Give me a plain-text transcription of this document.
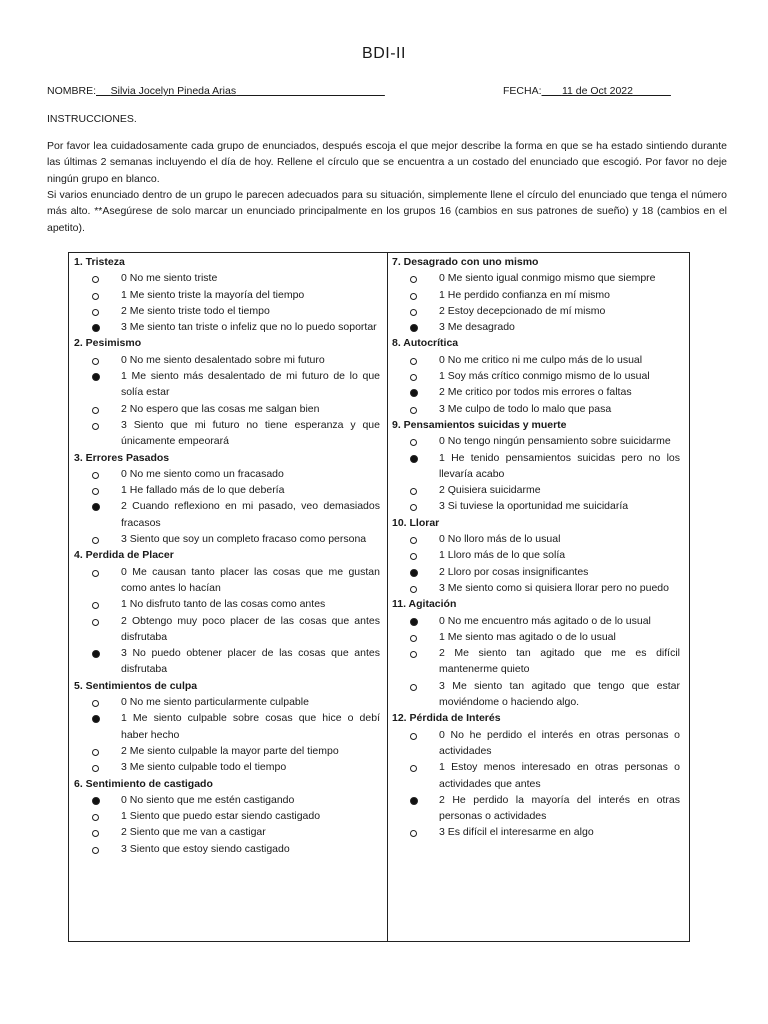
BDI-II
NOMBRE: Silvia Jocelyn Pineda Arias	FECHA: 11 de Oct 2022
INSTRUCCIONES.
Por favor lea cuidadosamente cada grupo de enunciados, después escoja el que mejor describe la forma en que se ha estado sintiendo durante las últimas 2 semanas incluyendo el día de hoy. Rellene el círculo que se encuentra a un costado del enunciado que escogió. Por favor no deje ningún grupo en blanco.
Si varios enunciado dentro de un grupo le parecen adecuados para su situación, simplemente llene el círculo del enunciado que tenga el número más alto. **Asegúrese de solo marcar un enunciado principalmente en los grupos 16 (cambios en sus patrones de sueño) y 18 (cambios en el apetito).
1. Tristeza
0 No me siento triste
1 Me siento triste la mayoría del tiempo
2 Me siento triste todo el tiempo
3 Me siento tan triste o infeliz que no lo puedo soportar
2. Pesimismo
0 No me siento desalentado sobre mi futuro
1 Me siento más desalentado de mi futuro de lo que solía estar
2 No espero que las cosas me salgan bien
3 Siento que mi futuro no tiene esperanza y que únicamente empeorará
3. Errores Pasados
0 No me siento como un fracasado
1 He fallado más de lo que debería
2 Cuando reflexiono en mi pasado, veo demasiados fracasos
3 Siento que soy un completo fracaso como persona
4. Perdida de Placer
0 Me causan tanto placer las cosas que me gustan como antes lo hacían
1 No disfruto tanto de las cosas como antes
2 Obtengo muy poco placer de las cosas que antes disfrutaba
3 No puedo obtener placer de las cosas que antes disfrutaba
5. Sentimientos de culpa
0 No me siento particularmente culpable
1 Me siento culpable sobre cosas que hice o debí haber hecho
2 Me siento culpable la mayor parte del tiempo
3 Me siento culpable todo el tiempo
6. Sentimiento de castigado
0 No siento que me estén castigando
1 Siento que puedo estar siendo castigado
2 Siento que me van a castigar
3 Siento que estoy siendo castigado
7. Desagrado con uno mismo
0 Me siento igual conmigo mismo que siempre
1 He perdido confianza en mí mismo
2 Estoy decepcionado de mí mismo
3 Me desagrado
8. Autocrítica
0 No me critico ni me culpo más de lo usual
1 Soy más crítico conmigo mismo de lo usual
2 Me critico por todos mis errores o faltas
3 Me culpo de todo lo malo que pasa
9. Pensamientos suicidas y muerte
0 No tengo ningún pensamiento sobre suicidarme
1 He tenido pensamientos suicidas pero no los llevaría acabo
2 Quisiera suicidarme
3 Si tuviese la oportunidad me suicidaría
10. Llorar
0 No lloro más de lo usual
1 Lloro más de lo que solía
2 Lloro por cosas insignificantes
3 Me siento como si quisiera llorar pero no puedo
11. Agitación
0 No me encuentro más agitado o de lo usual
1 Me siento mas agitado o de lo usual
2 Me siento tan agitado que me es difícil mantenerme quieto
3 Me siento tan agitado que tengo que estar moviéndome o haciendo algo.
12. Pérdida de Interés
0 No he perdido el interés en otras personas o actividades
1 Estoy menos interesado en otras personas o actividades que antes
2 He perdido la mayoría del interés en otras personas o actividades
3 Es difícil el interesarme en algo
